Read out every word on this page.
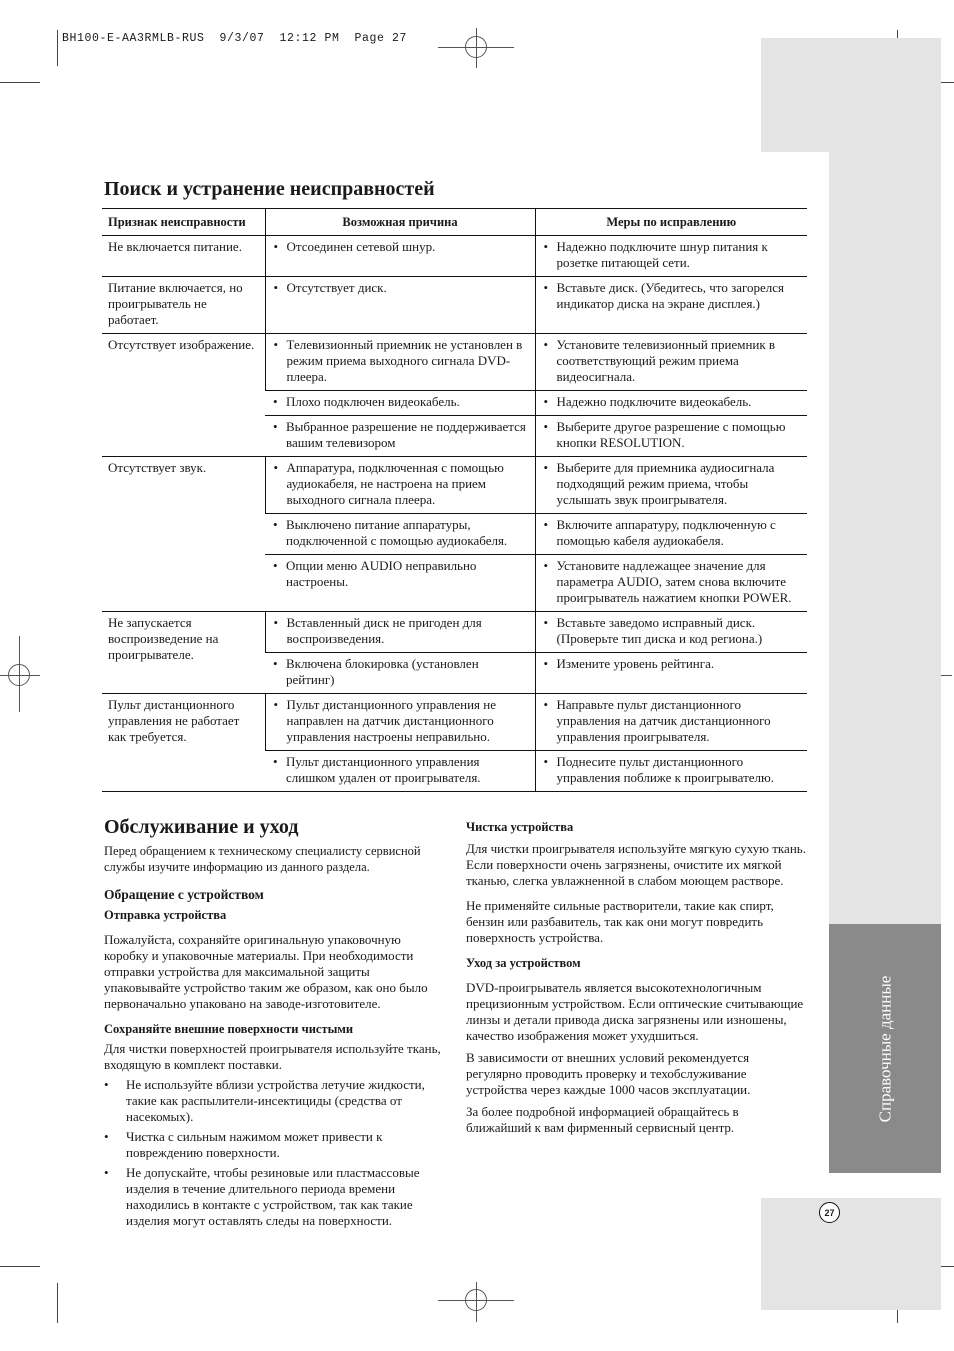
BH100-E-AA3RMLB-RUS  9/3/07  12:12 PM  Page 27
Справочные данные
27
Поиск и устранение неисправностей
Признак неисправности	Возможная причина	Меры по исправлению
Не включается питание.	• Отсоединен сетевой шнур.	• Надежно подключите шнур питания к розетке питающей сети.

Питание включается, но проигрыватель не работает.	• Отсутствует диск.	• Вставьте диск. (Убедитесь, что загорелся индикатор диска на экране дисплея.)

Отсутствует изображение.	• Телевизионный приемник не установлен в режим приема выходного сигнала DVD-плеера.	• Установите телевизионный приемник в соответствующий режим приема видеосигнала.

	• Плохо подключен видеокабель.	• Надежно подключите видеокабель.

	• Выбранное разрешение не поддерживается вашим телевизором	• Выберите другое разрешение с помощью кнопки RESOLUTION.

Отсутствует звук.	• Аппаратура, подключенная с помощью аудиокабеля, не настроена на прием выходного сигнала плеера.	• Выберите для приемника аудиосигнала подходящий режим приема, чтобы услышать звук проигрывателя.

	• Выключено питание аппаратуры, подключенной с помощью аудиокабеля.	• Включите аппаратуру, подключенную с помощью кабеля аудиокабеля.

	• Опции меню AUDIO неправильно настроены.	• Установите надлежащее значение для параметра AUDIO, затем снова включите проигрыватель нажатием кнопки POWER.

Не запускается воспроизведение на проигрывателе.	• Вставленный диск не пригоден для воспроизведения.	• Вставьте заведомо исправный диск. (Проверьте тип диска и код региона.)

	• Включена блокировка (установлен рейтинг)	• Измените уровень рейтинга.

Пульт дистанционного управления не работает как требуется.	• Пульт дистанционного управления не направлен на датчик дистанционного управления настроены неправильно.	• Направьте пульт дистанционного управления на датчик дистанционного управления проигрывателя.

	• Пульт дистанционного управления слишком удален от проигрывателя.	• Поднесите пульт дистанционного управления поближе к проигрывателю.
Обслуживание и уход

Перед обращением к техническому специалисту сервисной службы изучите информацию из данного раздела.

Обращение с устройством

Отправка устройства

Пожалуйста, сохраняйте оригинальную упаковочную коробку и упаковочные материалы. При необходимости отправки устройства для максимальной защиты упаковывайте устройство таким же образом, как оно было первоначально упаковано на заводе-изготовителе.

Сохраняйте внешние поверхности чистыми

Для чистки поверхностей проигрывателя используйте ткань, входящую в комплект поставки.

• Не используйте вблизи устройства летучие жидкости, такие как распылители-инсектициды (средства от насекомых).
• Чистка с сильным нажимом может привести к повреждению поверхности.
• Не допускайте, чтобы резиновые или пластмассовые изделия в течение длительного периода времени находились в контакте с устройством, так как такие изделия могут оставлять следы на поверхности.

Чистка устройства

Для чистки проигрывателя используйте мягкую сухую ткань. Если поверхности очень загрязнены, очистите их мягкой тканью, слегка увлажненной в слабом моющем растворе.

Не применяйте сильные растворители, такие как спирт, бензин или разбавитель, так как они могут повредить поверхность устройства.

Уход за устройством

DVD-проигрыватель является высокотехнологичным прецизионным устройством. Если оптические считывающие линзы и детали привода диска загрязнены или изношены, качество изображения может ухудшиться.

В зависимости от внешних условий рекомендуется регулярно проводить проверку и техобслуживание устройства через каждые 1000 часов эксплуатации.

За более подробной информацией обращайтесь в ближайший к вам фирменный сервисный центр.
